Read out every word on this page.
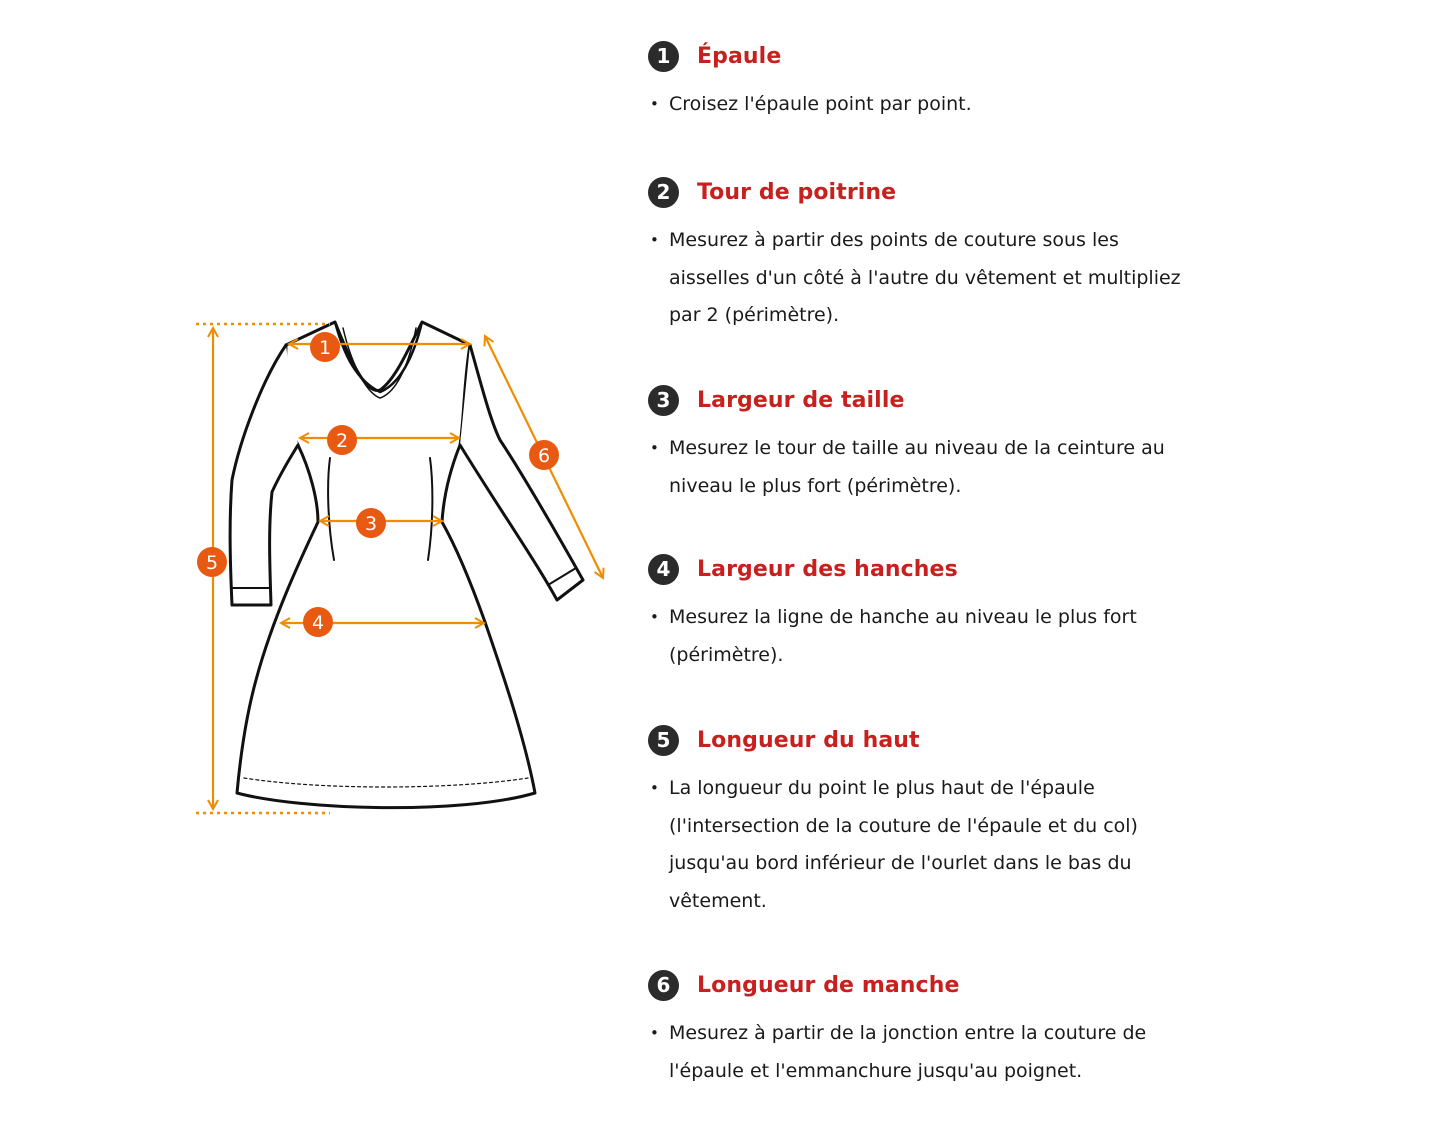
1
2
3
4
5
6
1	Épaule
• Croisez l'épaule point par point.
2	Tour de poitrine
• Mesurez à partir des points de couture sous les aisselles d'un côté à l'autre du vêtement et multipliez par 2 (périmètre).
3	Largeur de taille
• Mesurez le tour de taille au niveau de la ceinture au niveau le plus fort (périmètre).
4	Largeur des hanches
• Mesurez la ligne de hanche au niveau le plus fort (périmètre).
5	Longueur du haut
• La longueur du point le plus haut de l'épaule (l'intersection de la couture de l'épaule et du col) jusqu'au bord inférieur de l'ourlet dans le bas du vêtement.
6	Longueur de manche
• Mesurez à partir de la jonction entre la couture de l'épaule et l'emmanchure jusqu'au poignet.
